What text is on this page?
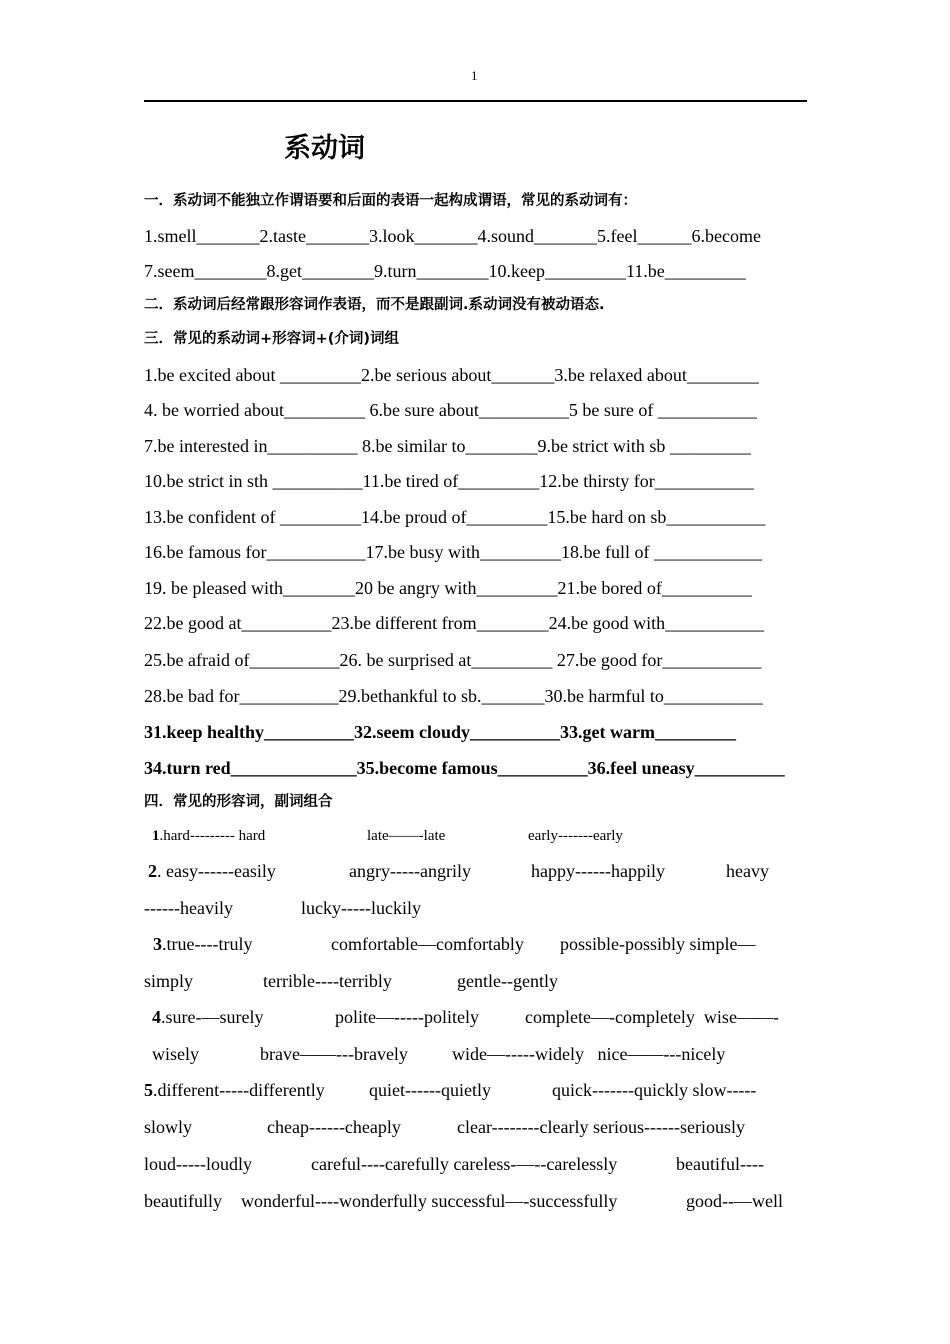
1
系动词
一．系动词不能独立作谓语要和后面的表语一起构成谓语，常见的系动词有：
1.smell_______2.taste_______3.look_______4.sound_______5.feel______6.become
7.seem________8.get________9.turn________10.keep_________11.be_________
二．系动词后经常跟形容词作表语，而不是跟副词.系动词没有被动语态.
三．常见的系动词+形容词+(介词)词组
1.be excited about _________2.be serious about_______3.be relaxed about________
4. be worried about_________ 6.be sure about__________5 be sure of ___________
7.be interested in__________ 8.be similar to________9.be strict with sb _________
10.be strict in sth __________11.be tired of_________12.be thirsty for___________
13.be confident of _________14.be proud of_________15.be hard on sb___________
16.be famous for___________17.be busy with_________18.be full of ____________
19. be pleased with________20 be angry with_________21.be bored of__________
22.be good at__________23.be different from________24.be good with___________
25.be afraid of__________26. be surprised at_________ 27.be good for___________
28.be bad for___________29.bethankful to sb._______30.be harmful to___________
31.keep healthy__________32.seem cloudy__________33.get warm_________
34.turn red______________35.become famous__________36.feel uneasy__________
四．常见的形容词，副词组合
1.hard--------- hard	late——-late	early-------early
2. easy------easily	angry-----angrily	happy------happily	heavy
------heavily	lucky-----luckily
3.true----truly	comfortable—comfortably possible-possibly simple—
simply	terrible----terribly	gentle--gently
4.sure-—surely	polite—-----politely	complete—-completely  wise——-
wisely	brave——---bravely wide—-----widely   nice——---nicely
5.different-----differently quiet------quietly	quick-------quickly slow-----
slowly	cheap------cheaply	clear--------clearly serious------seriously
loud-----loudly	careful----carefully careless-—--carelessly	beautiful----
beautifully wonderful----wonderfully successful—-successfully	good--—well
